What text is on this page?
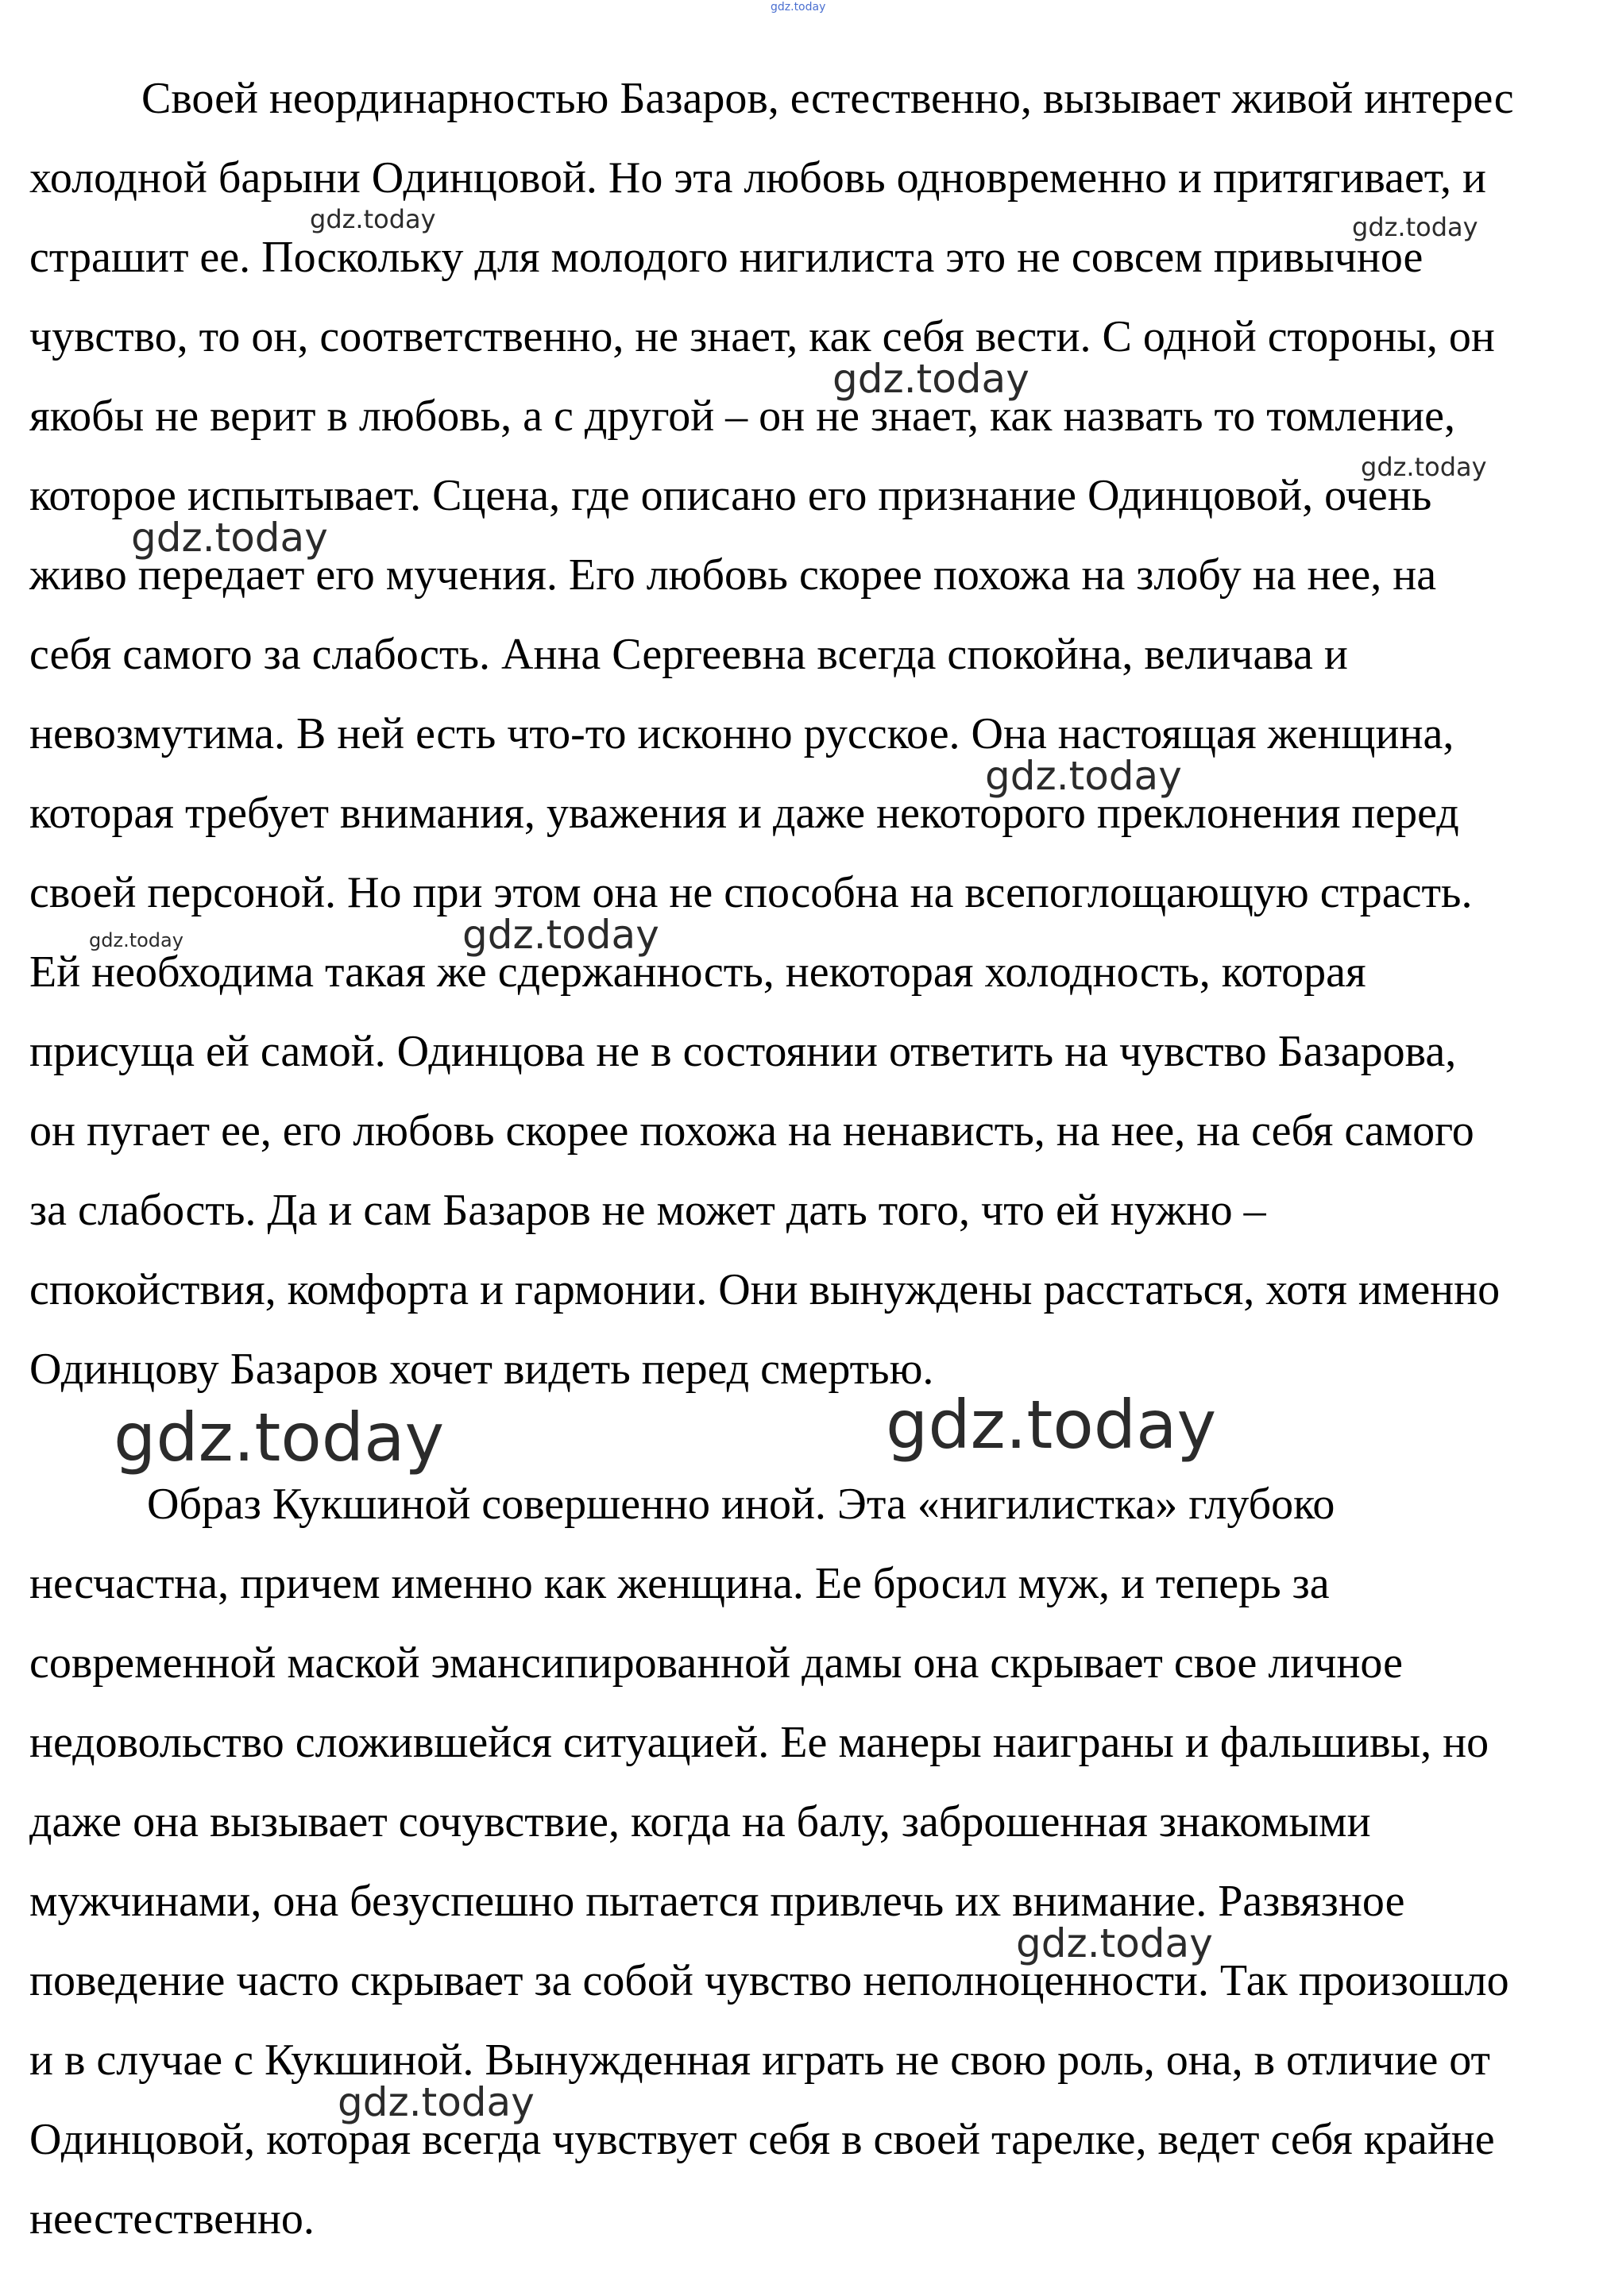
Своей неординарностью Базаров, естественно, вызывает живой интерес
холодной барыни Одинцовой. Но эта любовь одновременно и притягивает, и
страшит ее. Поскольку для молодого нигилиста это не совсем привычное
чувство, то он, соответственно, не знает, как себя вести. С одной стороны, он
якобы не верит в любовь, а с другой – он не знает, как назвать то томление,
которое испытывает. Сцена, где описано его признание Одинцовой, очень
живо передает его мучения. Его любовь скорее похожа на злобу на нее, на
себя самого за слабость. Анна Сергеевна всегда спокойна, величава и
невозмутима. В ней есть что-то исконно русское. Она настоящая женщина,
которая требует внимания, уважения и даже некоторого преклонения перед
своей персоной. Но при этом она не способна на всепоглощающую страсть.
Ей необходима такая же сдержанность, некоторая холодность, которая
присуща ей самой. Одинцова не в состоянии ответить на чувство Базарова,
он пугает ее, его любовь скорее похожа на ненависть, на нее, на себя самого
за слабость. Да и сам Базаров не может дать того, что ей нужно –
спокойствия, комфорта и гармонии. Они вынуждены расстаться, хотя именно
Одинцову Базаров хочет видеть перед смертью.
Образ Кукшиной совершенно иной. Эта «нигилистка» глубоко
несчастна, причем именно как женщина. Ее бросил муж, и теперь за
современной маской эмансипированной дамы она скрывает свое личное
недовольство сложившейся ситуацией. Ее манеры наиграны и фальшивы, но
даже она вызывает сочувствие, когда на балу, заброшенная знакомыми
мужчинами, она безуспешно пытается привлечь их внимание. Развязное
поведение часто скрывает за собой чувство неполноценности. Так произошло
и в случае с Кукшиной. Вынужденная играть не свою роль, она, в отличие от
Одинцовой, которая всегда чувствует себя в своей тарелке, ведет себя крайне
неестественно.
gdz.today
gdz.today	gdz.today
gdz.today
gdz.today
gdz.today
gdz.today
gdz.today
gdz.today
gdz.today	gdz.today
gdz.today
gdz.today
